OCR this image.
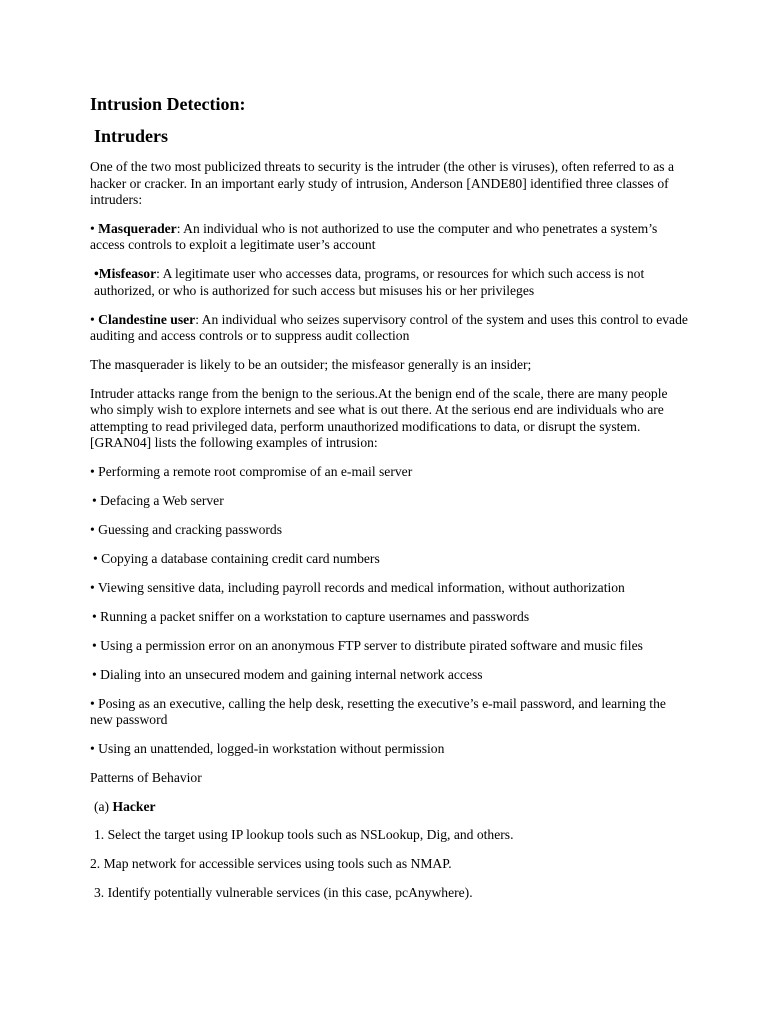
Intrusion Detection:
Intruders

One of the two most publicized threats to security is the intruder (the other is viruses), often referred to as a hacker or cracker. In an important early study of intrusion, Anderson [ANDE80] identified three classes of intruders:

• Masquerader: An individual who is not authorized to use the computer and who penetrates a system’s access controls to exploit a legitimate user’s account
•Misfeasor: A legitimate user who accesses data, programs, or resources for which such access is not authorized, or who is authorized for such access but misuses his or her privileges
• Clandestine user: An individual who seizes supervisory control of the system and uses this control to evade auditing and access controls or to suppress audit collection

The masquerader is likely to be an outsider; the misfeasor generally is an insider;

Intruder attacks range from the benign to the serious.At the benign end of the scale, there are many people who simply wish to explore internets and see what is out there. At the serious end are individuals who are attempting to read privileged data, perform unauthorized modifications to data, or disrupt the system. [GRAN04] lists the following examples of intrusion:

• Performing a remote root compromise of an e-mail server
• Defacing a Web server
• Guessing and cracking passwords
• Copying a database containing credit card numbers
• Viewing sensitive data, including payroll records and medical information, without authorization
• Running a packet sniffer on a workstation to capture usernames and passwords
• Using a permission error on an anonymous FTP server to distribute pirated software and music files
• Dialing into an unsecured modem and gaining internal network access
• Posing as an executive, calling the help desk, resetting the executive’s e-mail password, and learning the new password
• Using an unattended, logged-in workstation without permission

Patterns of Behavior

(a) Hacker

1. Select the target using IP lookup tools such as NSLookup, Dig, and others.
2. Map network for accessible services using tools such as NMAP.
3. Identify potentially vulnerable services (in this case, pcAnywhere).
